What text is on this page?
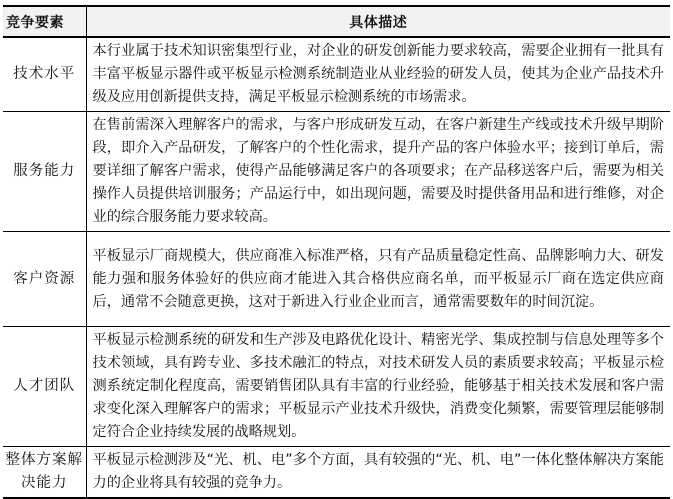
竞争要素	具体描述
技术水平	本行业属于技术知识密集型行业，对企业的研发创新能力要求较高，需要企业拥有一批具有丰富平板显示器件或平板显示检测系统制造业从业经验的研发人员，使其为企业产品技术升级及应用创新提供支持，满足平板显示检测系统的市场需求。
服务能力	在售前需深入理解客户的需求，与客户形成研发互动，在客户新建生产线或技术升级早期阶段，即介入产品研发，了解客户的个性化需求，提升产品的客户体验水平；接到订单后，需要详细了解客户需求，使得产品能够满足客户的各项要求；在产品移送客户后，需要为相关操作人员提供培训服务；产品运行中，如出现问题，需要及时提供备用品和进行维修，对企业的综合服务能力要求较高。
客户资源	平板显示厂商规模大，供应商准入标准严格，只有产品质量稳定性高、品牌影响力大、研发能力强和服务体验好的供应商才能进入其合格供应商名单，而平板显示厂商在选定供应商后，通常不会随意更换，这对于新进入行业企业而言，通常需要数年的时间沉淀。
人才团队	平板显示检测系统的研发和生产涉及电路优化设计、精密光学、集成控制与信息处理等多个技术领域，具有跨专业、多技术融汇的特点，对技术研发人员的素质要求较高；平板显示检测系统定制化程度高，需要销售团队具有丰富的行业经验，能够基于相关技术发展和客户需求变化深入理解客户的需求；平板显示产业技术升级快，消费变化频繁，需要管理层能够制定符合企业持续发展的战略规划。
整体方案解决能力	平板显示检测涉及“光、机、电”多个方面，具有较强的“光、机、电”一体化整体解决方案能力的企业将具有较强的竞争力。
